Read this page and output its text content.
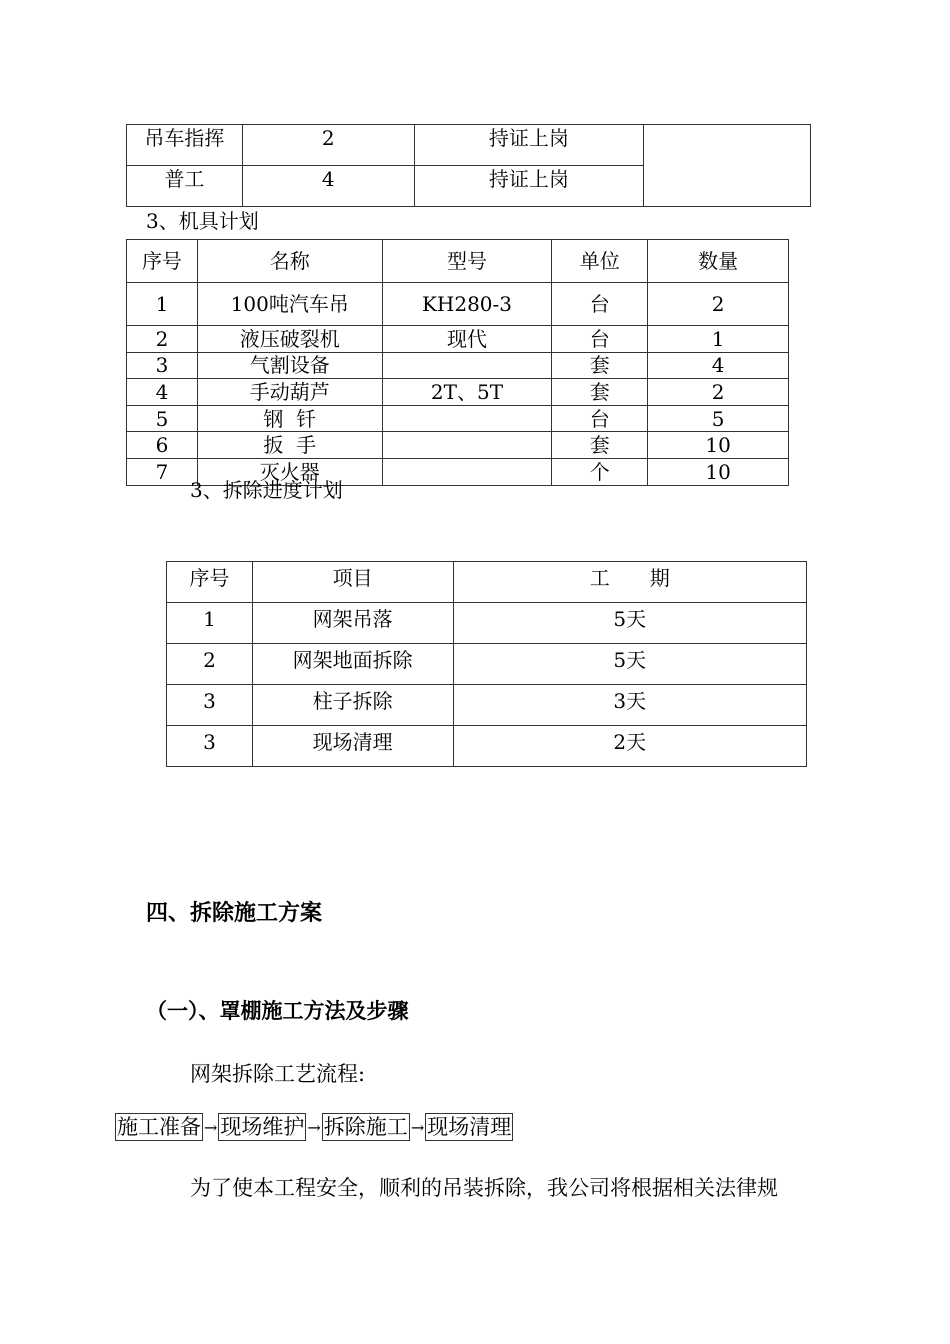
吊车指挥	2	持证上岗	
普工	4	持证上岗	
3、机具计划
序号	名称	型号	单位	数量
1	100吨汽车吊	KH280-3	台	2
2	液压破裂机	现代	台	1
3	气割设备		套	4
4	手动葫芦	2T、5T	套	2
5	钢  钎		台	5
6	扳  手		套	10
7	灭火器		个	10
3、拆除进度计划
序号	项目	工　　期
1	网架吊落	5天
2	网架地面拆除	5天
3	柱子拆除	3天
3	现场清理	2天
四、拆除施工方案
（一）、罩棚施工方法及步骤
网架拆除工艺流程:
施工准备 → 现场维护 → 拆除施工 → 现场清理
为了使本工程安全，顺利的吊装拆除，我公司将根据相关法律规
